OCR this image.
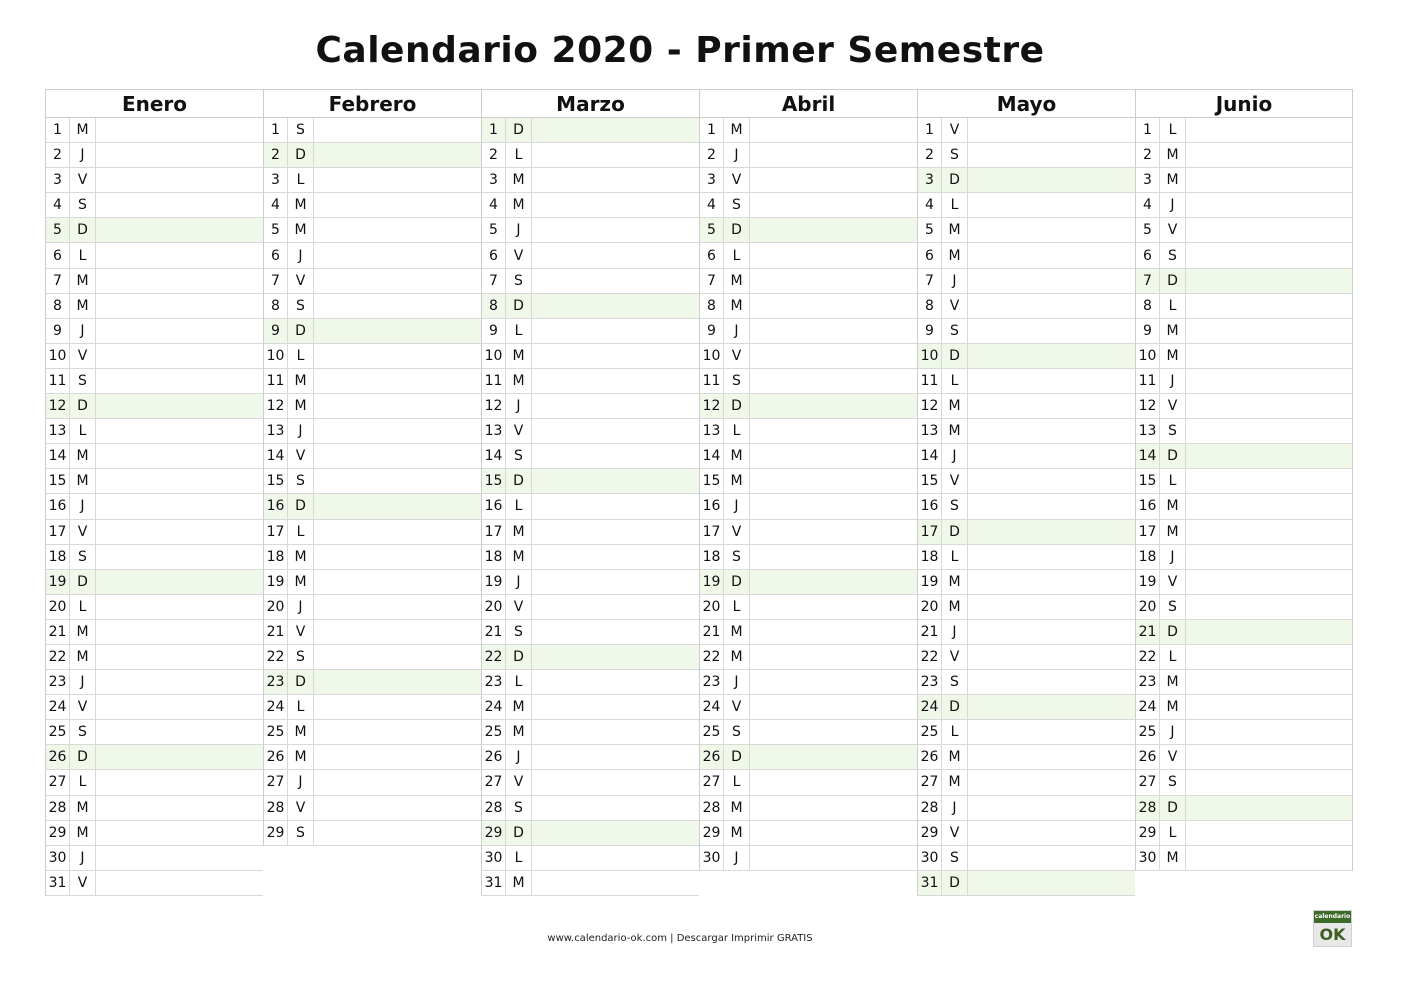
Calendario 2020 - Primer Semestre
Enero
1	M
2	J
3	V
4	S
5	D
6	L
7	M
8	M
9	J
10 V
11 S
12 D
13 L
14 M
15 M
16	J
17 V
18 S
19 D
20 L
21 M
22 M
23	J
24 V
25 S
26 D
27 L
28 M
29 M
30	J
31 V
Febrero
1	S
2	D
3	L
4	M
5	M
6	J
7	V
8	S
9	D
10 L
11 M
12 M
13	J
14 V
15 S
16 D
17 L
18 M
19 M
20	J
21 V
22 S
23 D
24 L
25 M
26 M
27	J
28 V
29 S
Marzo
1	D
2	L
3	M
4	M
5	J
6	V
7	S
8	D
9	L
10 M
11 M
12	J
13 V
14 S
15 D
16 L
17 M
18 M
19	J
20 V
21 S
22 D
23 L
24 M
25 M
26	J
27 V
28 S
29 D
30 L
31 M
Abril
1	M
2	J
3	V
4	S
5	D
6	L
7	M
8	M
9	J
10 V
11 S
12 D
13 L
14 M
15 M
16	J
17 V
18 S
19 D
20 L
21 M
22 M
23	J
24 V
25 S
26 D
27 L
28 M
29 M
30	J
Mayo
1	V
2	S
3	D
4	L
5	M
6	M
7	J
8	V
9	S
10 D
11 L
12 M
13 M
14	J
15 V
16 S
17 D
18 L
19 M
20 M
21	J
22 V
23 S
24 D
25 L
26 M
27 M
28	J
29 V
30 S
31 D
Junio
1	L
2	M
3	M
4	J
5	V
6	S
7	D
8	L
9	M
10 M
11	J
12 V
13 S
14 D
15 L
16 M
17 M
18	J
19 V
20 S
21 D
22 L
23 M
24 M
25	J
26 V
27 S
28 D
29 L
30 M
www.calendario-ok.com | Descargar Imprimir GRATIS
calendario
OK
